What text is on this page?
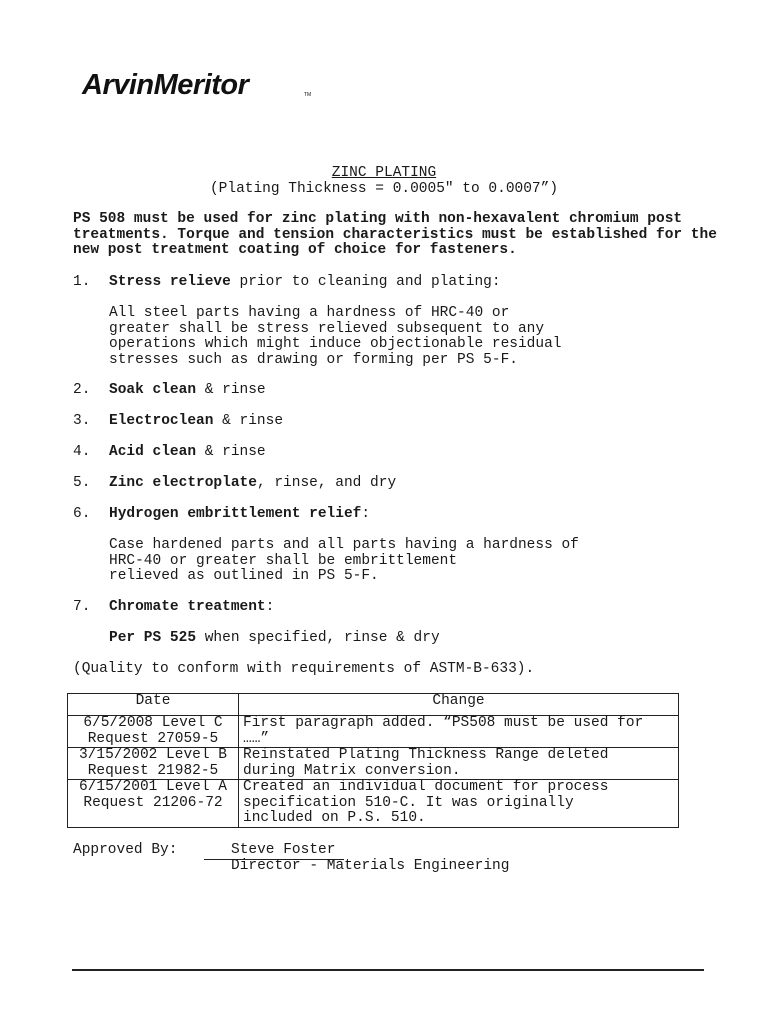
ArvinMeritor	TM
ZINC PLATING
(Plating Thickness = 0.0005" to 0.0007”)
PS 508 must be used for zinc plating with non-hexavalent chromium post treatments. Torque and tension characteristics must be established for the new post treatment coating of choice for fasteners.
1. Stress relieve prior to cleaning and plating:
All steel parts having a hardness of HRC-40 or
greater shall be stress relieved subsequent to any
operations which might induce objectionable residual
stresses such as drawing or forming per PS 5-F.
2. Soak clean & rinse
3. Electroclean & rinse
4. Acid clean & rinse
5. Zinc electroplate, rinse, and dry
6. Hydrogen embrittlement relief:
Case hardened parts and all parts having a hardness of
HRC-40 or greater shall be embrittlement
relieved as outlined in PS 5-F.
7. Chromate treatment:
Per PS 525 when specified, rinse & dry
(Quality to conform with requirements of ASTM-B-633).
Date	Change
6/5/2008 Level C
Request 27059-5	First paragraph added. “PS508 must be used for
……”
3/15/2002 Level B
Request 21982-5	Reinstated Plating Thickness Range deleted
during Matrix conversion.
6/15/2001 Level A
Request 21206-72	Created an individual document for process
specification 510-C. It was originally
included on P.S. 510.
Approved By:	Steve Foster
Director - Materials Engineering
